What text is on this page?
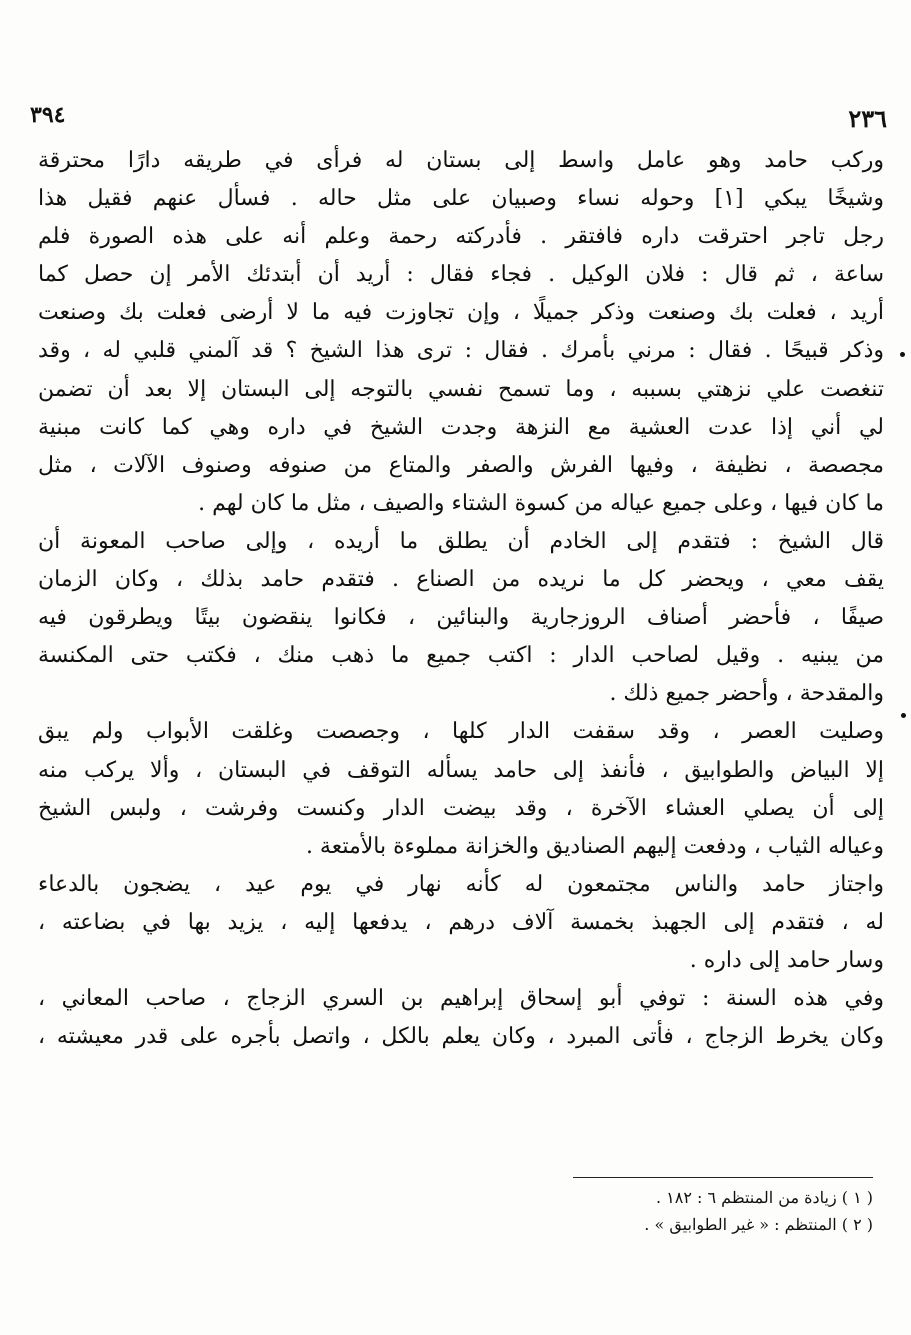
٣٩٤	٢٣٦
وركب حامد وهو عامل واسط إلى بستان له فرأى في طريقه دارًا محترقة
وشيخًا يبكي [١] وحوله نساء وصبيان على مثل حاله . فسأل عنهم فقيل هذا
رجل تاجر احترقت داره فافتقر . فأدركته رحمة وعلم أنه على هذه الصورة فلم
ساعة ، ثم قال : فلان الوكيل . فجاء فقال : أريد أن أبتدئك الأمر إن حصل كما
أريد ، فعلت بك وصنعت وذكر جميلًا ، وإن تجاوزت فيه ما لا أرضى فعلت بك وصنعت
وذكر قبيحًا . فقال : مرني بأمرك . فقال : ترى هذا الشيخ ؟ قد آلمني قلبي له ، وقد
تنغصت علي نزهتي بسببه ، وما تسمح نفسي بالتوجه إلى البستان إلا بعد أن تضمن
لي أني إذا عدت العشية مع النزهة وجدت الشيخ في داره وهي كما كانت مبنية
مجصصة ، نظيفة ، وفيها الفرش والصفر والمتاع من صنوفه وصنوف الآلات ، مثل
ما كان فيها ، وعلى جميع عياله من كسوة الشتاء والصيف ، مثل ما كان لهم .
قال الشيخ : فتقدم إلى الخادم أن يطلق ما أريده ، وإلى صاحب المعونة أن
يقف معي ، ويحضر كل ما نريده من الصناع . فتقدم حامد بذلك ، وكان الزمان
صيفًا ، فأحضر أصناف الروزجارية والبنائين ، فكانوا ينقضون بيتًا ويطرقون فيه
من يبنيه . وقيل لصاحب الدار : اكتب جميع ما ذهب منك ، فكتب حتى المكنسة
والمقدحة ، وأحضر جميع ذلك .
وصليت العصر ، وقد سقفت الدار كلها ، وجصصت وغلقت الأبواب ولم يبق
إلا البياض والطوابيق ، فأنفذ إلى حامد يسأله التوقف في البستان ، وألا يركب منه
إلى أن يصلي العشاء الآخرة ، وقد بيضت الدار وكنست وفرشت ، ولبس الشيخ
وعياله الثياب ، ودفعت إليهم الصناديق والخزانة مملوءة بالأمتعة .
واجتاز حامد والناس مجتمعون له كأنه نهار في يوم عيد ، يضجون بالدعاء
له ، فتقدم إلى الجهبذ بخمسة آلاف درهم ، يدفعها إليه ، يزيد بها في بضاعته ،
وسار حامد إلى داره .
وفي هذه السنة : توفي أبو إسحاق إبراهيم بن السري الزجاج ، صاحب المعاني ،
وكان يخرط الزجاج ، فأتى المبرد ، وكان يعلم بالكل ، واتصل بأجره على قدر معيشته ،
( ١ ) زيادة من المنتظم ٦ : ١٨٢ .
( ٢ ) المنتظم : « غير الطوابيق » .
